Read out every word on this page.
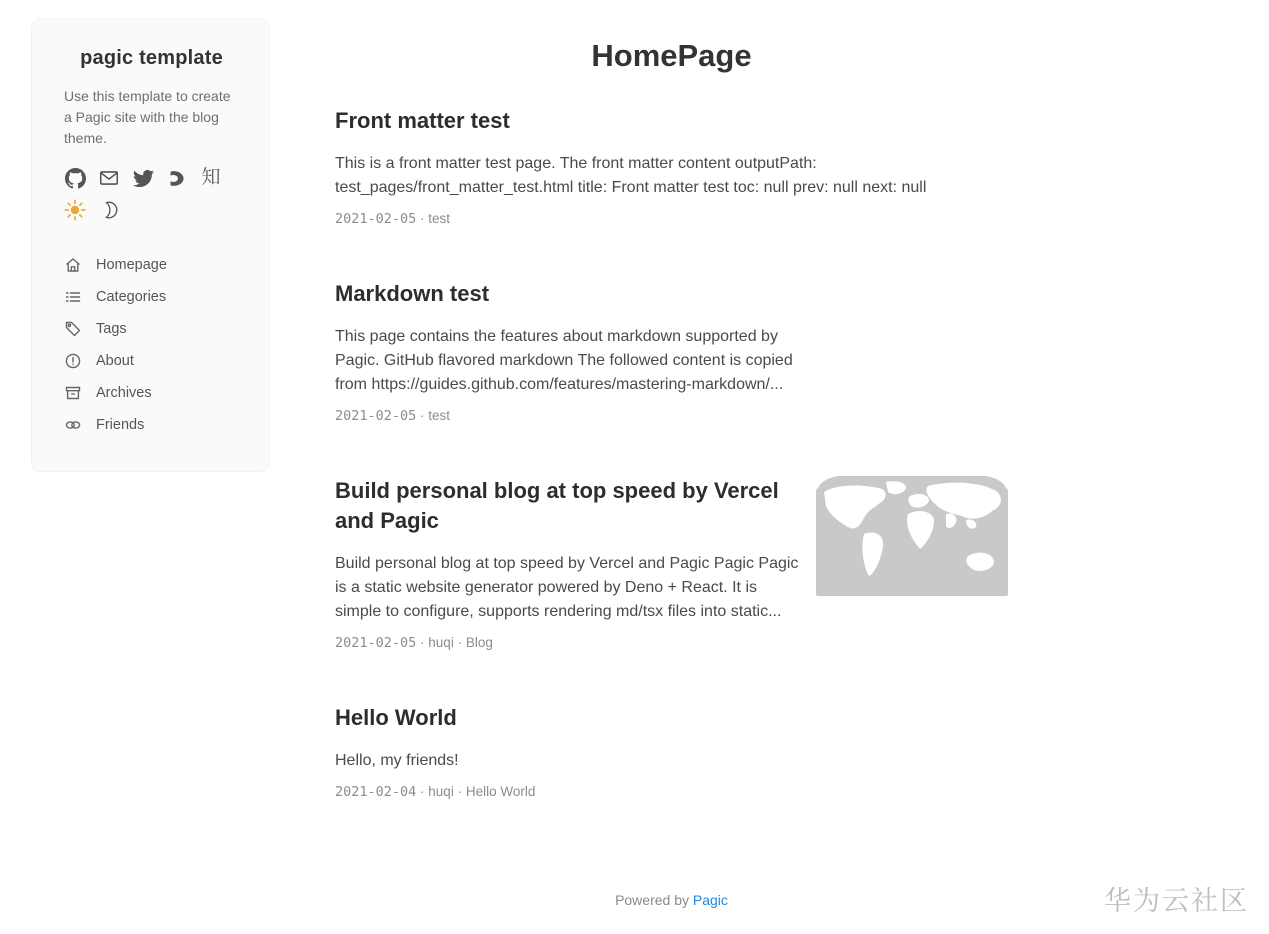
pagic template

Use this template to create a Pagic site with the blog theme.

知
Homepage
Categories
Tags
About
Archives
Friends
HomePage
Front matter test

This is a front matter test page. The front matter content outputPath: test_pages/front_matter_test.html title: Front matter test toc: null prev: null next: null

2021-02-05 · test
Markdown test

This page contains the features about markdown supported by Pagic. GitHub flavored markdown The followed content is copied from https://guides.github.com/features/mastering-markdown/...

2021-02-05 · test
Build personal blog at top speed by Vercel and Pagic

Build personal blog at top speed by Vercel and Pagic Pagic Pagic is a static website generator powered by Deno + React. It is simple to configure, supports rendering md/tsx files into static...

2021-02-05 · huqi · Blog
Hello World

Hello, my friends!

2021-02-04 · huqi · Hello World
Powered by Pagic	华为云社区
